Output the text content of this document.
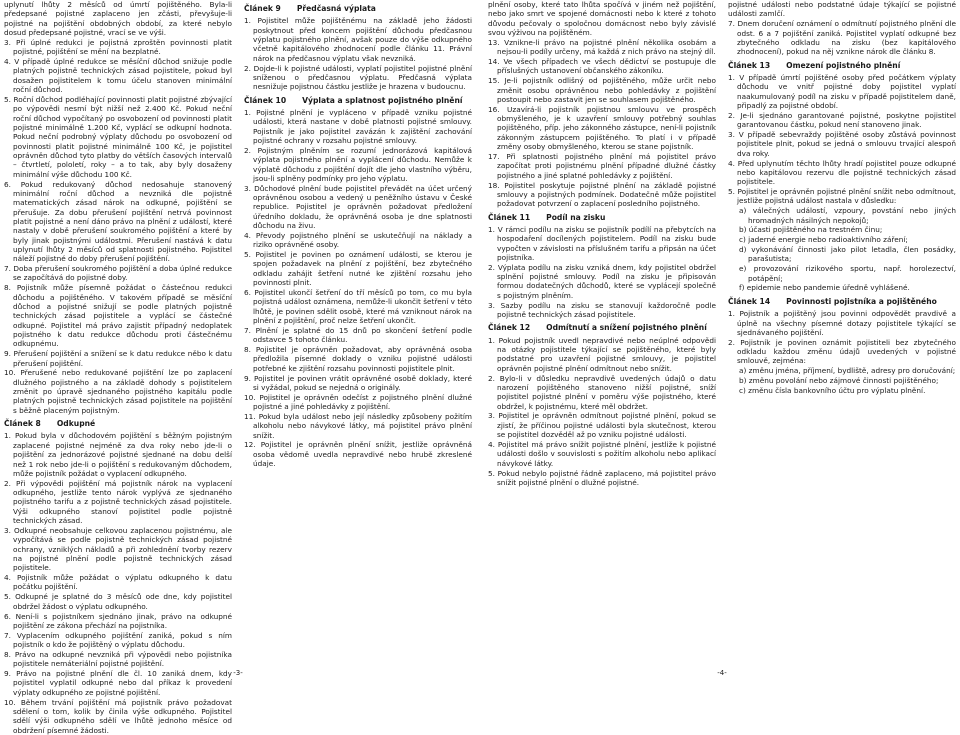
uplynutí lhůty 2 měsíců od úmrtí pojištěného. Byla-li předepsané pojistné zaplaceno jen zčásti, převyšuje-li pojistné na pojištění obdobných období, za které nebylo dosud předepsané pojistné, vrací se ve výši.

3. Při úplné redukci je pojistná zproštěn povinnosti platit pojistné, pojištění se mění na bezplatné.

4. V případě úplné redukce se měsíční důchod snižuje podle platných pojistně technických zásad pojistitele, pokud byl dosažen pojistitelem k tomu účelu stanoven minimální roční důchod.

5. Roční důchod podléhající povinnosti platit pojistné zbývající po výpovědi nesmí být nižší než 2.400 Kč. Pokud neční roční důchod vypočítaný po osvobození od povinnosti platit pojistné minimálně 1.200 Kč, vyplácí se odkupní hodnota. Pokud neční podrobný výplaty důchodu po osvobození od povinnosti platit pojistné minimálně 100 Kč, je pojistitel oprávněn důchod tyto platby do větších časových intervalů – čtvrtletí, pololetí, roky – a to tak, aby byly dosaženy minimální výše důchodu 100 Kč.

6. Pokud redukovaný důchod nedosahuje stanovený minimální roční důchod a nevzniká dle pojistně matematických zásad nárok na odkupné, pojištění se přerušuje. Za dobu přerušení pojištění netrvá povinnost platit pojistné a není dáno právo na plnění z událostí, které nastaly v době přerušení soukromého pojištění a které by byly jinak pojistnými událostmi. Přerušení nastává k datu uplynutí lhůty 2 měsíců od splatnosti pojistného. Pojistitel náleží pojistné do doby přerušení pojištění.

7. Doba přerušení soukromého pojištění a doba úplné redukce se započítává do pojistné doby.

8. Pojistník může písemně požádat o částečnou redukci důchodu a pojištěného. V takovém případě se měsíční důchod a pojistné snižují se podle platných pojistně technických zásad pojistitele a vyplácí se částečné odkupné. Pojistitel má právo zajistit případný nedoplatek pojistného k datu redukce důchodu proti částečnému odkupnému.

9. Přerušení pojištění a snížení se k datu redukce něbo k datu přerušení pojištění.

10. Přerušené nebo redukované pojištění lze po zaplacení dlužného pojistného a na základě dohody s pojistitelem změnit po úpravě sjednaného pojistného kapitálu podle platných pojistně technických zásad pojistitele na pojištění s běžně placeným pojistným.

Článek 8 Odkupné

1. Pokud byla v důchodovém pojištění s běžným pojistným zaplacené pojistné nejméně za dva roky nebo jde-li o pojištění za jednorázové pojistné sjednané na dobu delší než 1 rok nebo jde-li o pojištění s redukovaným důchodem, může pojistník požádat o vyplacení odkupného.

2. Při výpovědi pojištění má pojistník nárok na vyplacení odkupného, jestliže tento nárok vyplývá ze sjednaného pojistného tarifu a z pojistně technických zásad pojistitele. Výši odkupného stanoví pojistitel podle pojistně technických zásad.

3. Odkupné neobsahuje celkovou zaplacenou pojistnému, ale vypočítává se podle pojistně technických zásad pojistné ochrany, vzniklých nákladů a při zohlednění tvorby rezerv na pojistné plnění podle pojistně technických zásad pojistitele.

4. Pojistník může požádat o výplatu odkupného k datu počátku pojištění.

5. Odkupné je splatné do 3 měsíců ode dne, kdy pojistitel obdržel žádost o výplatu odkupného.

6. Není-li s pojistníkem sjednáno jinak, právo na odkupné pojištění ze zákona přechází na pojistníka.

7. Vyplacením odkupného pojištění zaniká, pokud s ním pojistník o kdo že pojištěný o výplatu důchodu.

8. Právo na odkupné nevzniká při výpovědi nebo pojistníka pojistitele nemáteriální pojistné pojištění.

9. Právo na pojistné plnění dle čl. 10 zaniká dnem, kdy pojistitel vyplatil odkupné nebo dal příkaz k provedení výplaty odkupného ze pojistné pojištění.

10. Během trvání pojištění má pojistník právo požadovat sdělení o tom, kolik by činila výše odkupného. Pojistitel sdělí výši odkupného sdělí ve lhůtě jednoho měsíce od obdržení písemné žádosti.

Článek 9 Předčasná výplata

1. Pojistitel může pojištěnému na základě jeho žádosti poskytnout před koncem pojištění důchodu předčasnou výplatu pojistného plnění, avšak pouze do výše odkupného včetně kapitálového zhodnocení podle článku 11. Právní nárok na předčasnou výplatu však nevzniká.

2. Dojde-li k pojistné události, vyplatí pojistitel pojistné plnění sníženou o předčasnou výplatu. Předčasná výplata nesnižuje pojistnou částku jestliže je hrazena v budoucnu.

Článek 10 Výplata a splatnost pojistného plnění

1. Pojistné plnění je vypláceno v případě vzniku pojistné události, která nastane v době platnosti pojistné smlouvy. Pojistník je jako pojistitel zavázán k zajištění zachování pojistné ochrany v rozsahu pojistné smlouvy.

2. Pojistným plněním se rozumí jednorázová kapitálová výplata pojistného plnění a vyplácení důchodu. Nemůže k výplatě důchodu z pojištění dojít dle jeho vlastního výběru, jsou-li splněny podmínky pro jeho výplatu.

3. Důchodové plnění bude pojistitel převádět na účet určený oprávněnou osobou a vedený u peněžního ústavu v České republice. Pojistitel je oprávněn požadovat předložení úředního dokladu, že oprávněná osoba je dne splatnosti důchodu na živu.

4. Převody pojistného plnění se uskutečňují na náklady a riziko oprávněné osoby.

5. Pojistitel je povinen po oznámení události, se kterou je spojen požadavek na plnění z pojištění, bez zbytečného odkladu zahájit šetření nutné ke zjištění rozsahu jeho povinnosti plnit.

6. Pojistitel ukončí šetření do tří měsíců po tom, co mu byla pojistná událost oznámena, nemůže-li ukončit šetření v této lhůtě, je povinen sdělit osobě, které má vzniknout nárok na plnění z pojištění, proč nelze šetření ukončit.

7. Plnění je splatné do 15 dnů po skončení šetření podle odstavce 5 tohoto článku.

8. Pojistitel je oprávněn požadovat, aby oprávněná osoba předložila písemné doklady o vzniku pojistné události potřebné ke zjištění rozsahu povinnosti pojistitele plnit.

9. Pojistitel je povinen vrátit oprávněné osobě doklady, které si vyžádal, pokud se nejedná o originály.

10. Pojistitel je oprávněn odečíst z pojistného plnění dlužné pojistné a jiné pohledávky z pojištění.

11. Pokud byla událost nebo její následky způsobeny požitím alkoholu nebo návykové látky, má pojistitel právo plnění snížit.

12. Pojistitel je oprávněn plnění snížit, jestliže oprávněná osoba vědomě uvedla nepravdivé nebo hrubě zkreslené údaje.

-3-

plnění osoby, které tato lhůta spočívá v jiném než pojištění, nebo jako smrt ve spojené domácnosti nebo k které z tohoto důvodu pečovaly o spoločnou domácnost nebo byly závislé svou výživou na pojištěném.

13. Vznikne-li právo na pojistné plnění několika osobám a nejsou-li podíly určeny, má každá z nich právo na stejný díl.

14. Ve všech případech ve všech dědictví se postupuje dle příslušných ustanovení občanského zákoníku.

15. Je-li pojistník odlišný od pojištěného, může určit nebo změnit osobu oprávněnou nebo pohledávky z pojištění postoupit nebo zastavit jen se souhlasem pojištěného.

16. Uzavírá-li pojistník pojistnou smlouvu ve prospěch obmyšleného, je k uzavření smlouvy potřebný souhlas pojištěného, příp. jeho zákonného zástupce, není-li pojistník zákonným zástupcem pojištěného. To platí i v případě změny osoby obmyšleného, kterou se stane pojistník.

17. Při splatnosti pojistného plnění má pojistitel právo započítat proti pojistnému plnění případné dlužné částky pojistného a jiné splatné pohledávky z pojištění.

18. Pojistitel poskytuje pojistné plnění na základě pojistné smlouvy a pojistných podmínek. Dodatečně může pojistitel požadovat potvrzení o zaplacení posledního pojistného.

Článek 11 Podíl na zisku

1. V rámci podílu na zisku se pojistník podílí na přebytcích na hospodaření docílených pojistitelem. Podíl na zisku bude vypočten v závislosti na příslušném tarifu a připsán na účet pojistníka.

2. Výplata podílu na zisku vzniká dnem, kdy pojistitel obdržel splnění pojistné smlouvy. Podíl na zisku je připisován formou dodatečných důchodů, které se vyplácejí společně s pojistným plněním.

3. Sazby podílu na zisku se stanovují každoročně podle pojistně technických zásad pojistitele.

Článek 12 Odmítnutí a snížení pojistného plnění

1. Pokud pojistník uvedl nepravdivé nebo neúplné odpovědi na otázky pojistitele týkající se pojištěného, které byly podstatné pro uzavření pojistné smlouvy, je pojistitel oprávněn pojistné plnění odmítnout nebo snížit.

2. Bylo-li v důsledku nepravdivě uvedených údajů o datu narození pojištěného stanoveno nižší pojistné, sníží pojistitel pojistné plnění v poměru výše pojistného, které obdržel, k pojistnému, které měl obdržet.

3. Pojistitel je oprávněn odmítnout pojistné plnění, pokud se zjistí, že příčinou pojistné události byla skutečnost, kterou se pojistitel dozvěděl až po vzniku pojistné události.

4. Pojistitel má právo snížit pojistné plnění, jestliže k pojistné události došlo v souvislosti s požitím alkoholu nebo aplikací návykové látky.

5. Pokud nebylo pojistné řádně zaplaceno, má pojistitel právo snížit pojistné plnění o dlužné pojistné.

pojistné události nebo podstatné údaje týkající se pojistné události zamlčí.

7. Dnem doručení oznámení o odmítnutí pojistného plnění dle odst. 6 a 7 pojištění zaniká. Pojistitel vyplatí odkupné bez zbytečného odkladu na zisku (bez kapitálového zhodnocení), pokud na něj vznikne nárok dle článku 8.

Článek 13 Omezení pojistného plnění

1. V případě úmrtí pojištěné osoby před počátkem výplaty důchodu ve vnitř pojistné doby pojistitel vyplatí naakumulovaný podíl na zisku v případě pojistitelem daně, připadlý za pojistné období.

2. Je-li sjednáno garantované pojistné, poskytne pojistitel garantovanou částku, pokud není stanoveno jinak.

3. V případě sebevraždy pojištěné osoby zůstává povinnost pojistitele plnit, pokud se jedná o smlouvu trvající alespoň dva roky.

4. Před uplynutím těchto lhůty hradí pojistitel pouze odkupné nebo kapitálovou rezervu dle pojistně technických zásad pojistitele.

5. Pojistitel je oprávněn pojistné plnění snížit nebo odmítnout, jestliže pojistná událost nastala v důsledku:

a) válečných událostí, vzpoury, povstání nebo jiných hromadných násilných nepokojů;

b) účasti pojištěného na trestném činu;

c) jaderné energie nebo radioaktivního záření;

d) vykonávání činnosti jako pilot letadla, člen posádky, parašutista;

e) provozování rizikového sportu, např. horolezectví, potápění;

f) epidemie nebo pandemie úředně vyhlášené.

Článek 14 Povinnosti pojistníka a pojištěného

1. Pojistník a pojištěný jsou povinni odpovědět pravdivě a úplně na všechny písemné dotazy pojistitele týkající se sjednávaného pojištění.

2. Pojistník je povinen oznámit pojistiteli bez zbytečného odkladu každou změnu údajů uvedených v pojistné smlouvě, zejména:

a) změnu jména, příjmení, bydliště, adresy pro doručování;

b) změnu povolání nebo zájmové činnosti pojištěného;

c) změnu čísla bankovního účtu pro výplatu plnění.

-4-
